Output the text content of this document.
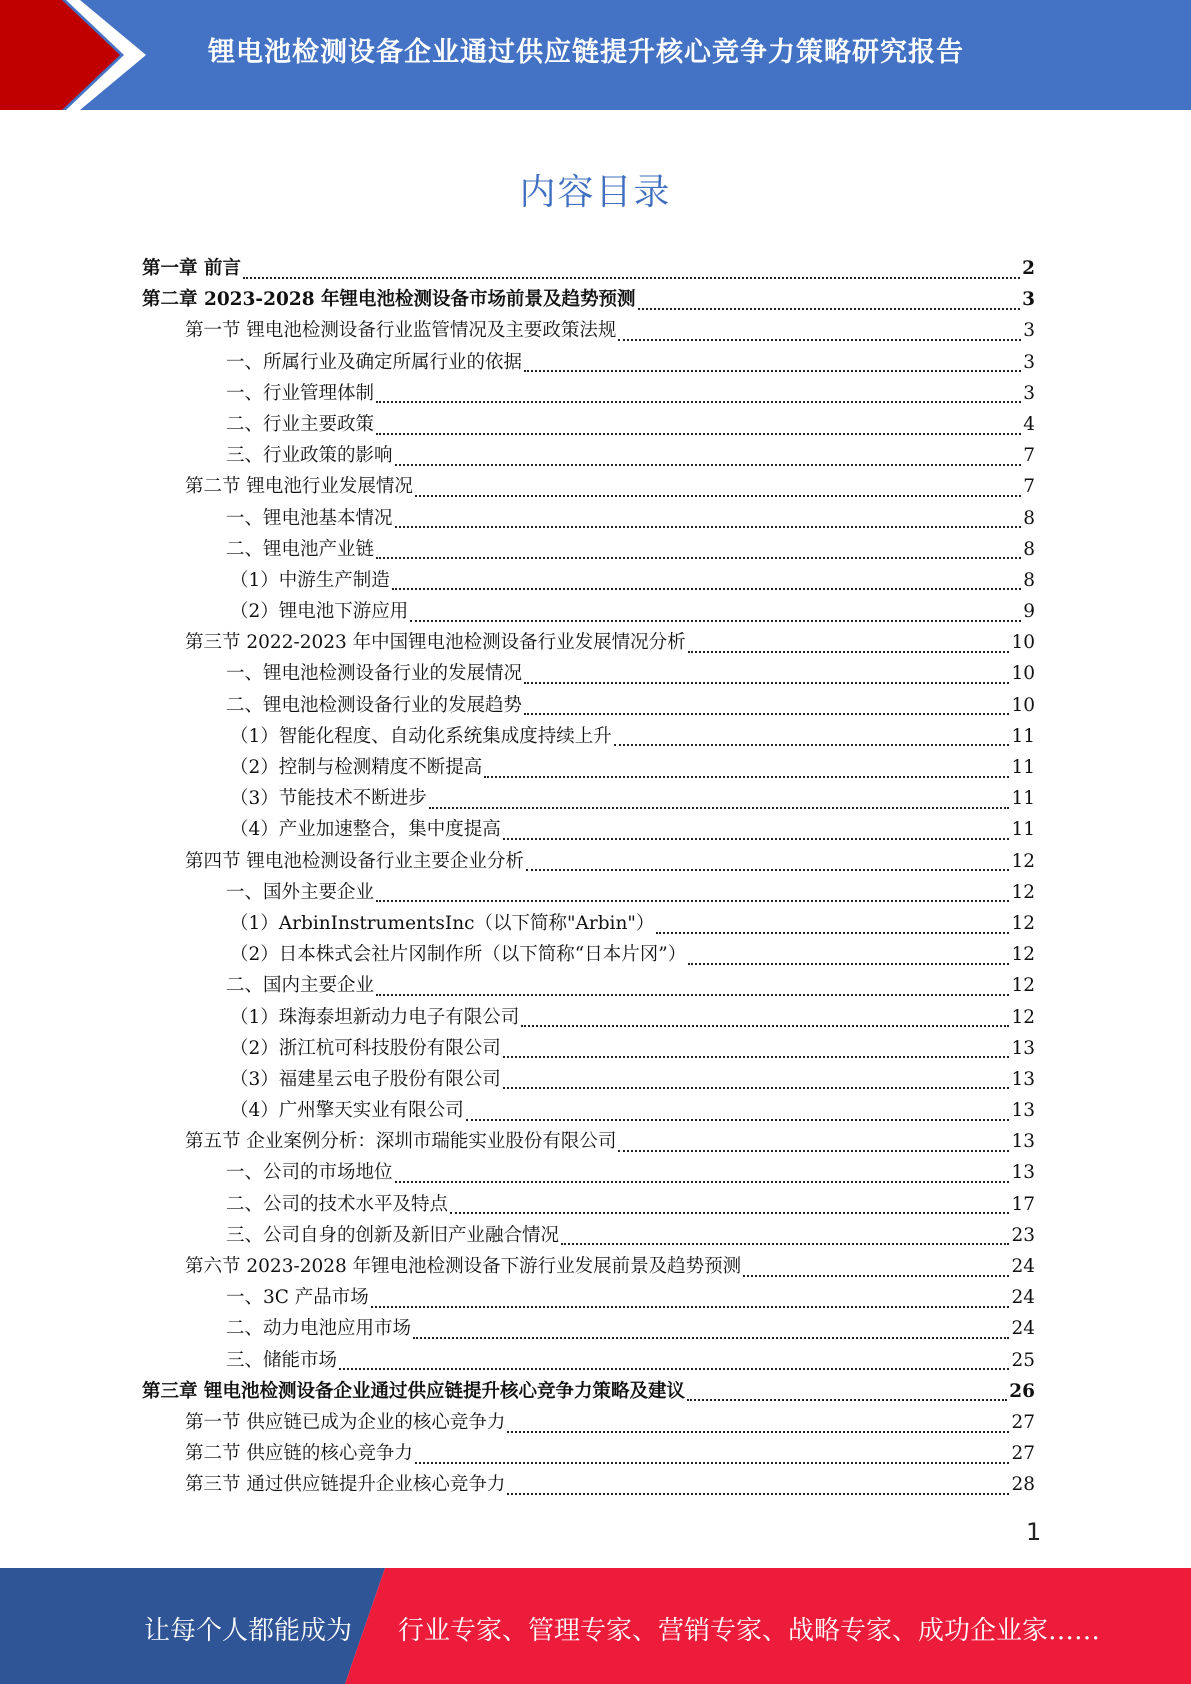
锂电池检测设备企业通过供应链提升核心竞争力策略研究报告
内容目录
第一章 前言	2
第二章 2023-2028 年锂电池检测设备市场前景及趋势预测	3
第一节 锂电池检测设备行业监管情况及主要政策法规	3
一、所属行业及确定所属行业的依据	3
一、行业管理体制	3
二、行业主要政策	4
三、行业政策的影响	7
第二节 锂电池行业发展情况	7
一、锂电池基本情况	8
二、锂电池产业链	8
（1）中游生产制造	8
（2）锂电池下游应用	9
第三节 2022-2023 年中国锂电池检测设备行业发展情况分析	10
一、锂电池检测设备行业的发展情况	10
二、锂电池检测设备行业的发展趋势	10
（1）智能化程度、自动化系统集成度持续上升	11
（2）控制与检测精度不断提高	11
（3）节能技术不断进步	11
（4）产业加速整合，集中度提高	11
第四节 锂电池检测设备行业主要企业分析	12
一、国外主要企业	12
（1）ArbinInstrumentsInc（以下简称"Arbin"）	12
（2）日本株式会社片冈制作所（以下简称“日本片冈”）	12
二、国内主要企业	12
（1）珠海泰坦新动力电子有限公司	12
（2）浙江杭可科技股份有限公司	13
（3）福建星云电子股份有限公司	13
（4）广州擎天实业有限公司	13
第五节 企业案例分析：深圳市瑞能实业股份有限公司	13
一、公司的市场地位	13
二、公司的技术水平及特点	17
三、公司自身的创新及新旧产业融合情况	23
第六节 2023-2028 年锂电池检测设备下游行业发展前景及趋势预测	24
一、3C 产品市场	24
二、动力电池应用市场	24
三、储能市场	25
第三章 锂电池检测设备企业通过供应链提升核心竞争力策略及建议	26
第一节 供应链已成为企业的核心竞争力	27
第二节 供应链的核心竞争力	27
第三节 通过供应链提升企业核心竞争力	28
1
让每个人都能成为 行业专家、管理专家、营销专家、战略专家、成功企业家……
